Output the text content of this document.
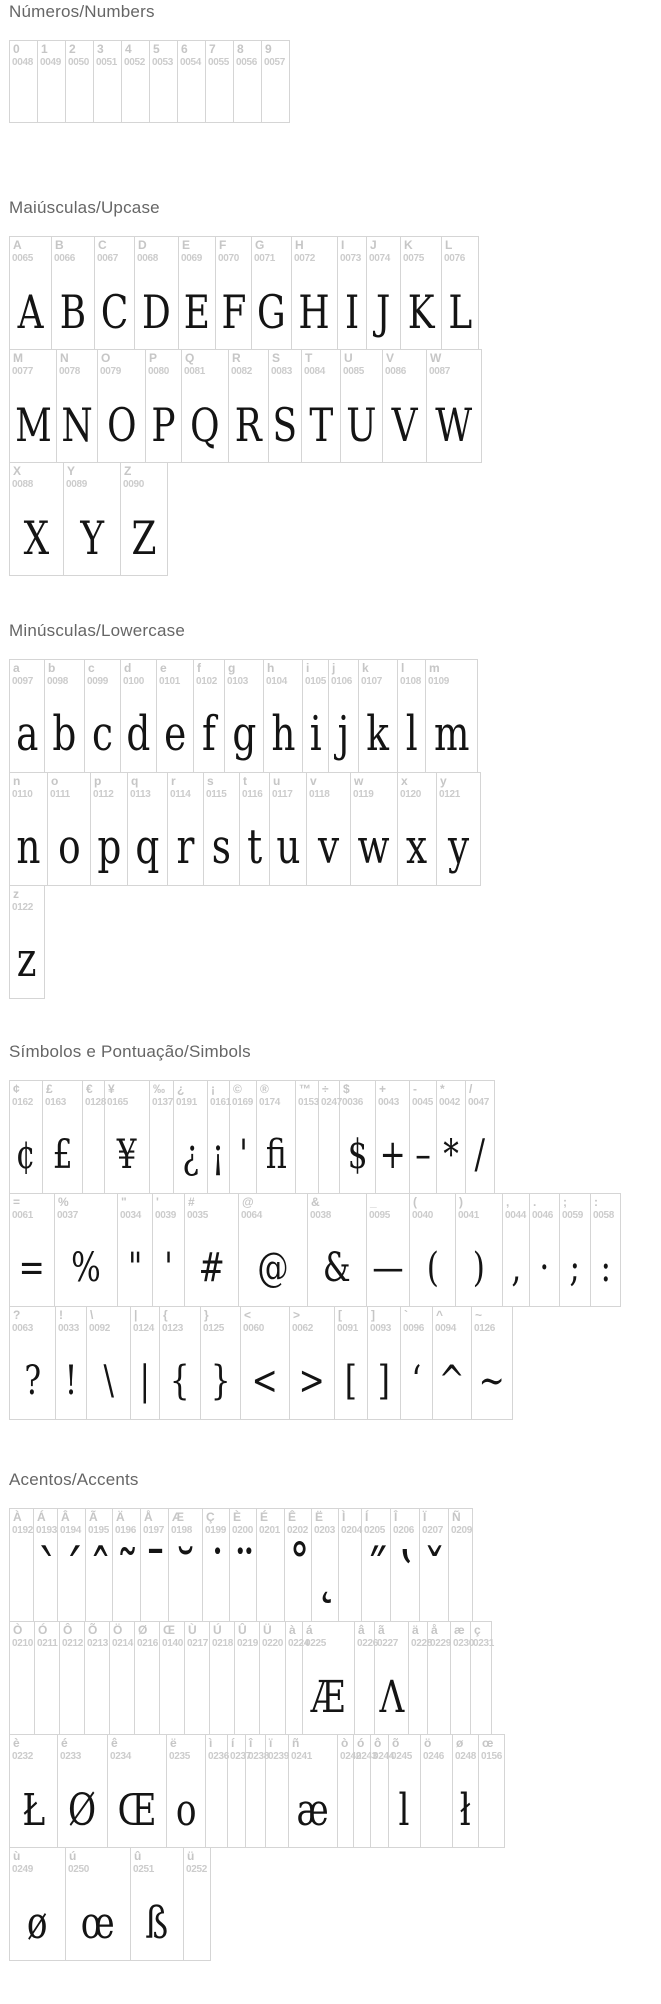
Números/Numbers
0
0048
1
0049
2
0050
3
0051
4
0052
5
0053
6
0054
7
0055
8
0056
9
0057
Maiúsculas/Upcase
A
0065
A
B
0066
B
C
0067
C
D
0068
D
E
0069
E
F
0070
F
G
0071
G
H
0072
H
I
0073
I
J
0074
J
K
0075
K
L
0076
L
M
0077
M
N
0078
N
O
0079
O
P
0080
P
Q
0081
Q
R
0082
R
S
0083
S
T
0084
T
U
0085
U
V
0086
V
W
0087
W
X
0088
X
Y
0089
Y
Z
0090
Z
Minúsculas/Lowercase
a
0097
a
b
0098
b
c
0099
c
d
0100
d
e
0101
e
f
0102
f
g
0103
g
h
0104
h
i
0105
i
j
0106
j
k
0107
k
l
0108
l
m
0109
m
n
0110
n
o
0111
o
p
0112
p
q
0113
q
r
0114
r
s
0115
s
t
0116
t
u
0117
u
v
0118
v
w
0119
w
x
0120
x
y
0121
y
z
0122
z
Símbolos e Pontuação/Simbols
¢
0162
¢
£
0163
£
€
0128
¥
0165
¥
‰
0137
¿
0191
¿
¡
0161
¡
©
0169
'
®
0174
fi
™
0153
÷
0247
$
0036
$
+
0043
+
-
0045
–
*
0042
*
/
0047
/
=
0061
=
%
0037
%
"
0034
"
'
0039
'
#
0035
#
@
0064
@
&
0038
&
_
0095
—
(
0040
(
)
0041
)
,
0044
,
.
0046
·
;
0059
;
:
0058
:
?
0063
?
!
0033
!
\
0092
\
|
0124
|
{
0123
{
}
0125
}
<
0060
<
>
0062
>
[
0091
[
]
0093
]
`
0096
‘
^
0094
^
~
0126
~
Acentos/Accents
À
0192
Á
0193
ˋ
Â
0194
ˊ
Ã
0195
ˆ
Ä
0196
˜
Å
0197
ˉ
Æ
0198
˘
Ç
0199
˙
È
0200
¨
É
0201
Ê
0202
˚
Ë
0203
˛
Ì
0204
Í
0205
˝
Î
0206
ʽ
Ï
0207
ˇ
Ñ
0209
Ò
0210
Ó
0211
Ô
0212
Õ
0213
Ö
0214
Ø
0216
Œ
0140
Ù
0217
Ú
0218
Û
0219
Ü
0220
à
0224
á
0225
Æ
â
0226
ã
0227
Λ
ä
0228
å
0229
æ
0230
ç
0231
è
0232
Ł
é
0233
Ø
ê
0234
Œ
ë
0235
o
ì
0236
í
0237
î
0238
ï
0239
ñ
0241
æ
ò
0242
ó
0243
ô
0244
õ
0245
l
ö
0246
ø
0248
ł
œ
0156
ù
0249
ø
ú
0250
œ
û
0251
ß
ü
0252
